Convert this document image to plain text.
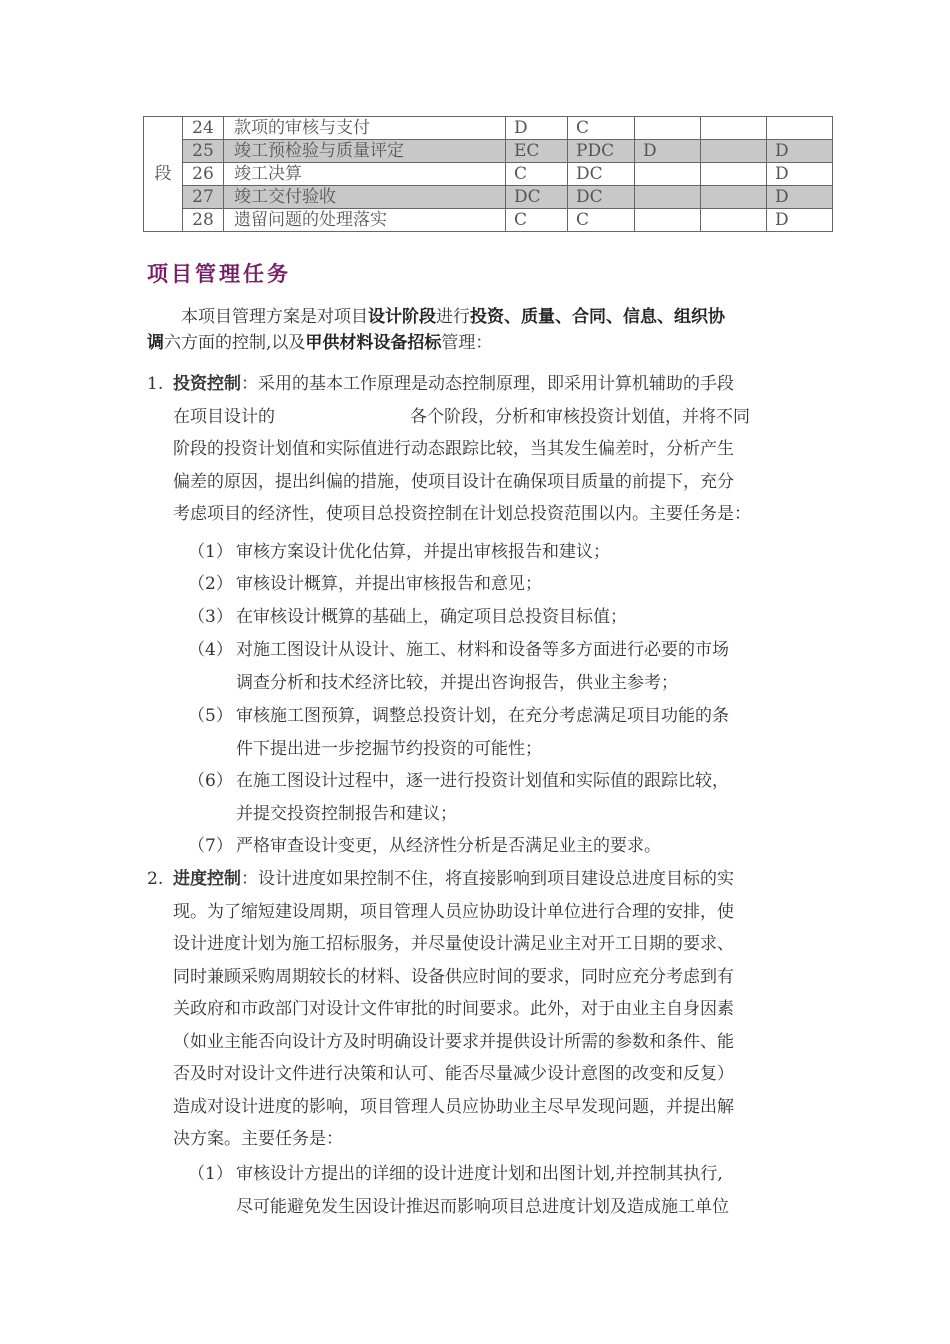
段	24	款项的审核与支付	D	C			
	25	竣工预检验与质量评定	EC	PDC	D		D
	26	竣工决算	C	DC			D
	27	竣工交付验收	DC	DC			D
	28	遗留问题的处理落实	C	C			D
项目管理任务
本项目管理方案是对项目设计阶段进行投资、质量、合同、信息、组织协
调六方面的控制,以及甲供材料设备招标管理：
1. 投资控制：采用的基本工作原理是动态控制原理，即采用计算机辅助的手段
在项目设计的	各个阶段，分析和审核投资计划值，并将不同
阶段的投资计划值和实际值进行动态跟踪比较，当其发生偏差时，分析产生
偏差的原因，提出纠偏的措施，使项目设计在确保项目质量的前提下，充分
考虑项目的经济性，使项目总投资控制在计划总投资范围以内。主要任务是：
（1） 审核方案设计优化估算，并提出审核报告和建议；
（2） 审核设计概算，并提出审核报告和意见；
（3） 在审核设计概算的基础上，确定项目总投资目标值；
（4） 对施工图设计从设计、施工、材料和设备等多方面进行必要的市场
调查分析和技术经济比较，并提出咨询报告，供业主参考；
（5） 审核施工图预算，调整总投资计划，在充分考虑满足项目功能的条
件下提出进一步挖掘节约投资的可能性；
（6） 在施工图设计过程中，逐一进行投资计划值和实际值的跟踪比较，
并提交投资控制报告和建议；
（7） 严格审查设计变更，从经济性分析是否满足业主的要求。
2. 进度控制：设计进度如果控制不住，将直接影响到项目建设总进度目标的实
现。为了缩短建设周期，项目管理人员应协助设计单位进行合理的安排，使
设计进度计划为施工招标服务，并尽量使设计满足业主对开工日期的要求、
同时兼顾采购周期较长的材料、设备供应时间的要求，同时应充分考虑到有
关政府和市政部门对设计文件审批的时间要求。此外，对于由业主自身因素
（如业主能否向设计方及时明确设计要求并提供设计所需的参数和条件、能
否及时对设计文件进行决策和认可、能否尽量减少设计意图的改变和反复）
造成对设计进度的影响，项目管理人员应协助业主尽早发现问题，并提出解
决方案。主要任务是：
（1） 审核设计方提出的详细的设计进度计划和出图计划,并控制其执行,
尽可能避免发生因设计推迟而影响项目总进度计划及造成施工单位
